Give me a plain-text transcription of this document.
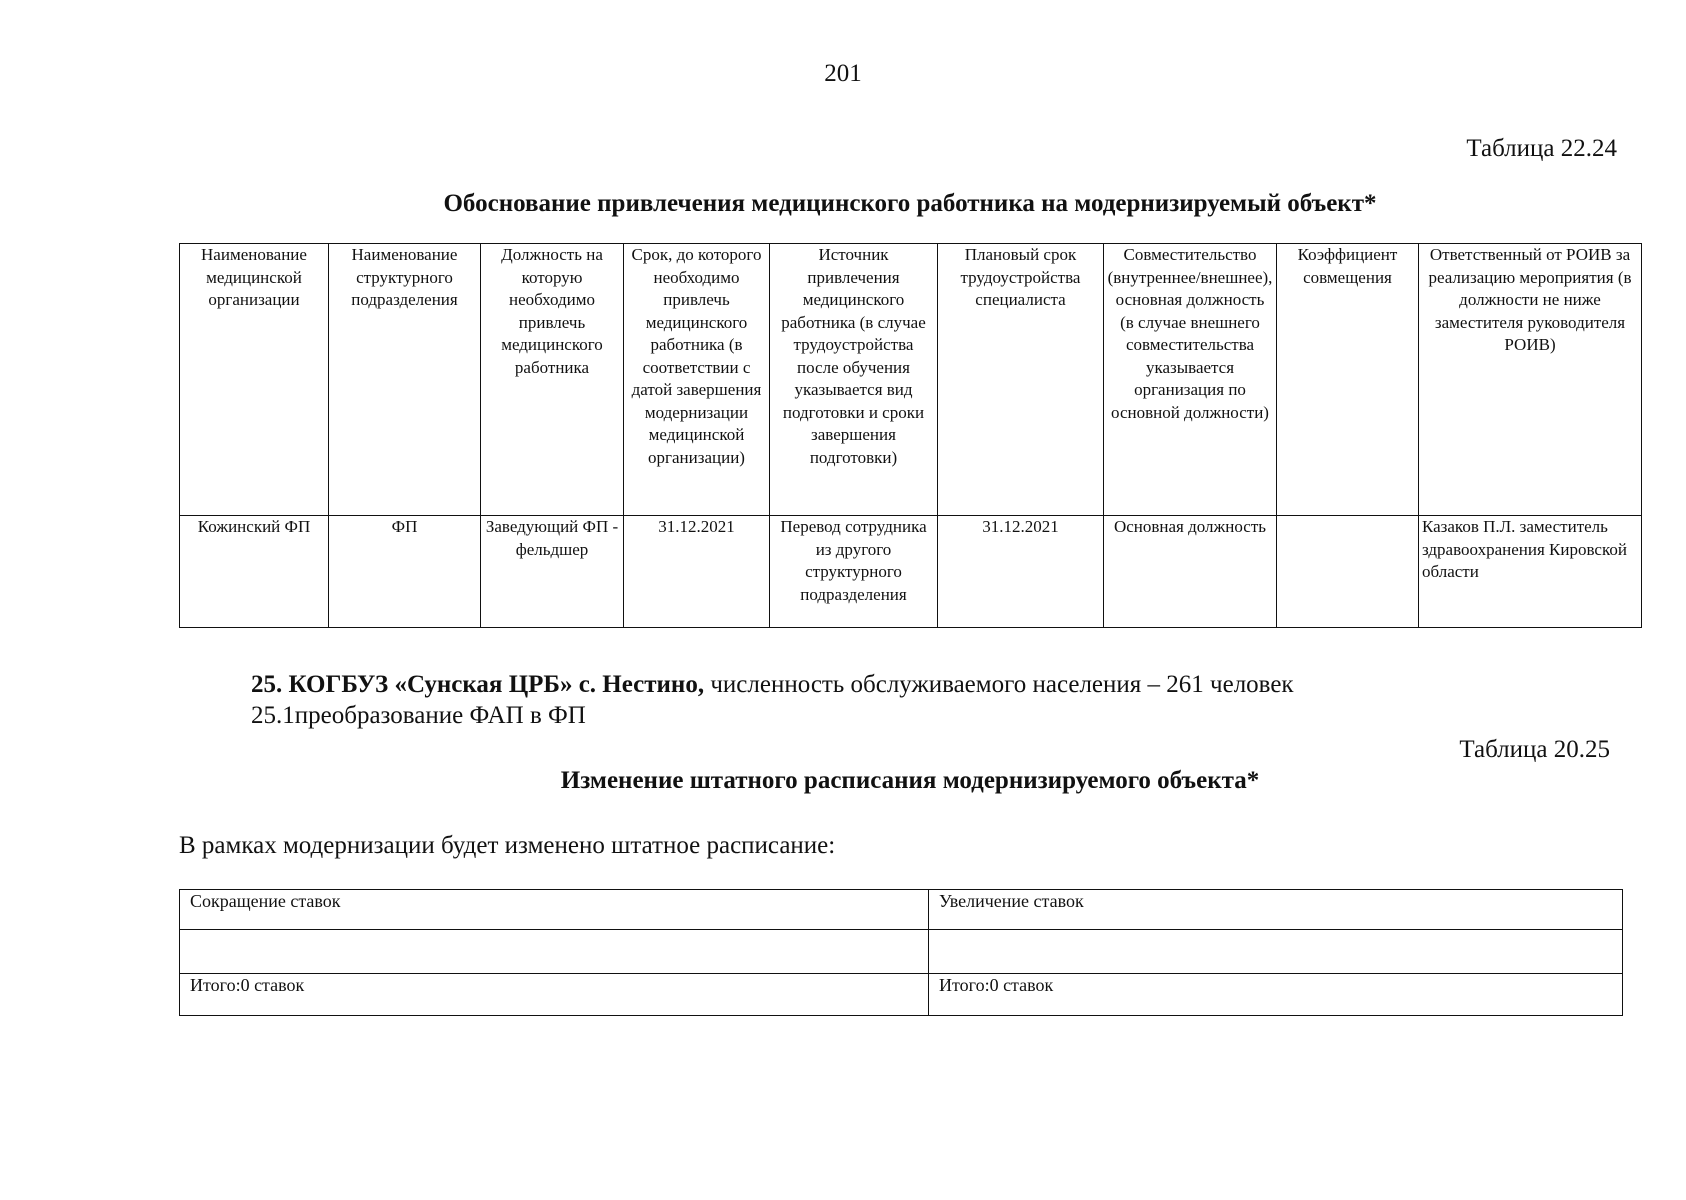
201
Таблица 22.24
Обоснование привлечения медицинского работника на модернизируемый объект*
Наименование медицинской организации	Наименование структурного подразделения	Должность на которую необходимо привлечь медицинского работника	Срок, до которого необходимо привлечь медицинского работника (в соответствии с датой завершения модернизации медицинской организации)	Источник привлечения медицинского работника (в случае трудоустройства после обучения указывается вид подготовки и сроки завершения подготовки)	Плановый срок трудоустройства специалиста	Совместительство (внутреннее/внешнее), основная должность (в случае внешнего совместительства указывается организация по основной должности)	Коэффициент совмещения	Ответственный от РОИВ за реализацию мероприятия (в должности не ниже заместителя руководителя РОИВ)
Кожинский ФП	ФП	Заведующий ФП - фельдшер	31.12.2021	Перевод сотрудника из другого структурного подразделения	31.12.2021	Основная должность		Казаков П.Л. заместитель здравоохранения Кировской области
25. КОГБУЗ «Сунская ЦРБ» с. Нестино, численность обслуживаемого населения – 261 человек
25.1преобразование ФАП в ФП
Таблица 20.25
Изменение штатного расписания модернизируемого объекта*
В рамках модернизации будет изменено штатное расписание:
Сокращение ставок	Увеличение ставок

Итого:0 ставок	Итого:0 ставок
